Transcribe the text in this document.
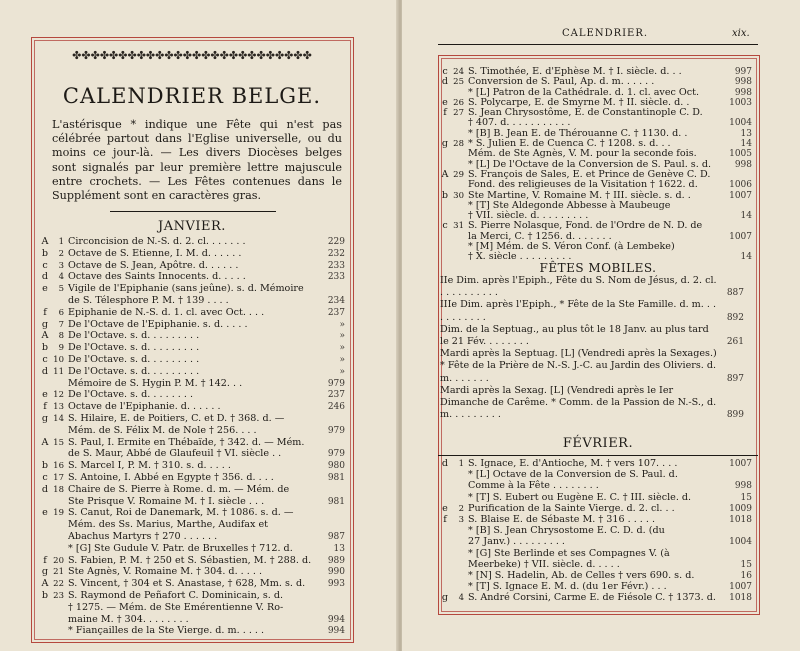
✤✤✤✤✤✤✤✤✤✤✤✤✤✤✤✤✤✤✤✤✤✤✤✤✤✤
CALENDRIER BELGE.
L'astérisque * indique une Fête qui n'est pas célébrée partout dans l'Eglise universelle, ou du moins ce jour-là. — Les divers Diocèses belges sont signalés par leur première lettre majuscule entre crochets. — Les Fêtes contenues dans le Supplément sont en caractères gras.
JANVIER.
A	1 Circoncision de N.-S. d. 2. cl. . . . . . .	229
b	2 Octave de S. Etienne, I. M. d. . . . . .	232
c	3 Octave de S. Jean, Apôtre. d. . . . . .	233
d	4 Octave des Saints Innocents. d. . . . .	233
e	5 Vigile de l'Epiphanie (sans jeûne). s. d. Mémoire
de S. Télesphore P. M. † 139 . . . .	234
f	6 Epiphanie de N.-S. d. 1. cl. avec Oct. . . .	237
g	7 De l'Octave de l'Epiphanie. s. d. . . . .	»
A	8 De l'Octave. s. d. . . . . . . . .	»
b	9 De l'Octave. s. d. . . . . . . . .	»
c 10 De l'Octave. s. d. . . . . . . . .	»
d 11 De l'Octave. s. d. . . . . . . . .	»
Mémoire de S. Hygin P. M. † 142. . .	979
e 12 De l'Octave. s. d. . . . . . . .	237
f 13 Octave de l'Epiphanie. d. . . . . .	246
g 14 S. Hilaire, E. de Poitiers, C. et D. † 368. d. —
Mém. de S. Félix M. de Nole † 256. . . .	979
A 15 S. Paul, I. Ermite en Thébaïde, † 342. d. — Mém.
de S. Maur, Abbé de Glaufeuil † VI. siècle . .	979
b 16 S. Marcel I, P. M. † 310. s. d. . . . .	980
c 17 S. Antoine, I. Abbé en Egypte † 356. d. . . .	981
d 18 Chaire de S. Pierre à Rome. d. m. — Mém. de
Ste Prisque V. Romaine M. † I. siècle . . .	981
e 19 S. Canut, Roi de Danemark, M. † 1086. s. d. —
Mém. des Ss. Marius, Marthe, Audifax et
Abachus Martyrs † 270 . . . . . .	987
* [G] Ste Gudule V. Patr. de Bruxelles † 712. d.	13
f 20 S. Fabien, P. M. † 250 et S. Sébastien, M. † 288. d.	989
g 21 Ste Agnès, V. Romaine M. † 304. d. . . . .	990
A 22 S. Vincent, † 304 et S. Anastase, † 628, Mm. s. d.	993
b 23 S. Raymond de Peñafort C. Dominicain, s. d.
† 1275. — Mém. de Ste Emérentienne V. Ro-
maine M. † 304. . . . . . . .	994
* Fiançailles de la Ste Vierge. d. m. . . . .	994
CALENDRIER.	xix.
c 24 S. Timothée, E. d'Ephèse M. † I. siècle. d. . .	997
d 25 Conversion de S. Paul, Ap. d. m. . . . . .	998
* [L] Patron de la Cathédrale. d. 1. cl. avec Oct.	998
e 26 S. Polycarpe, E. de Smyrne M. † II. siècle. d. .	1003
f 27 S. Jean Chrysostôme, E. de Constantinople C. D.
† 407. d. . . . . . . . . . .	1004
* [B] B. Jean E. de Thérouanne C. † 1130. d. .	13
g 28 * S. Julien E. de Cuenca C. † 1208. s. d. . .	14
Mém. de Ste Agnès, V. M. pour la seconde fois.	1005
* [L] De l'Octave de la Conversion de S. Paul. s. d.	998
A 29 S. François de Sales, E. et Prince de Genève C. D.
Fond. des religieuses de la Visitation † 1622. d.	1006
b 30 Ste Martine, V. Romaine M. † III. siècle. s. d. .	1007
* [T] Ste Aldegonde Abbesse à Maubeuge
† VII. siècle. d. . . . . . . . .	14
c 31 S. Pierre Nolasque, Fond. de l'Ordre de N. D. de
la Merci, C. † 1256. d. . . . . . .	1007
* [M] Mém. de S. Véron Conf. (à Lembeke)
† X. siècle . . . . . . . . .	14
FÊTES MOBILES.

IIe Dim. après l'Epiph., Fête du S. Nom de Jésus, d. 2. cl. . . . . . . . . . .	887

IIIe Dim. après l'Epiph., * Fête de la Ste Famille. d. m. . . . . . . . . . .	892

Dim. de la Septuag., au plus tôt le 18 Janv. au plus tard le 21 Fév. . . . . . . .	261

Mardi après la Septuag. [L] (Vendredi après la Sexages.) * Fête de la Prière de N.-S. J.-C. au Jardin des Oliviers. d. m. . . . . . .	897

Mardi après la Sexag. [L] (Vendredi après le Ier Dimanche de Carême. * Comm. de la Passion de N.-S., d. m. . . . . . . . .	899

FÉVRIER.
d	1 S. Ignace, E. d'Antioche, M. † vers 107. . . .	1007
* [L] Octave de la Conversion de S. Paul. d.
Comme à la Fête . . . . . . . .	998
* [T] S. Eubert ou Eugène E. C. † III. siècle. d.	15
e	2 Purification de la Sainte Vierge. d. 2. cl. . .	1009
f	3 S. Blaise E. de Sébaste M. † 316 . . . . .	1018
* [B] S. Jean Chrysostome E. C. D. d. (du
27 Janv.) . . . . . . . . .	1004
* [G] Ste Berlinde et ses Compagnes V. (à
Meerbeke) † VII. siècle. d. . . . .	15
* [N] S. Hadelin, Ab. de Celles † vers 690. s. d.	16
* [T] S. Ignace E. M. d. (du 1er Févr.) . . .	1007
g	4 S. André Corsini, Carme E. de Fiésole C. † 1373. d.	1018
